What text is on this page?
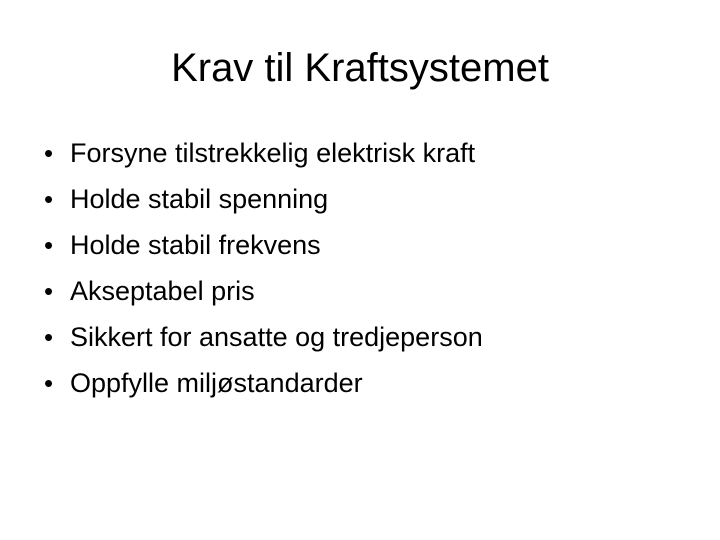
Krav til Kraftsystemet
• Forsyne tilstrekkelig elektrisk kraft
• Holde stabil spenning
• Holde stabil frekvens
• Akseptabel pris
• Sikkert for ansatte og tredjeperson
• Oppfylle miljøstandarder
